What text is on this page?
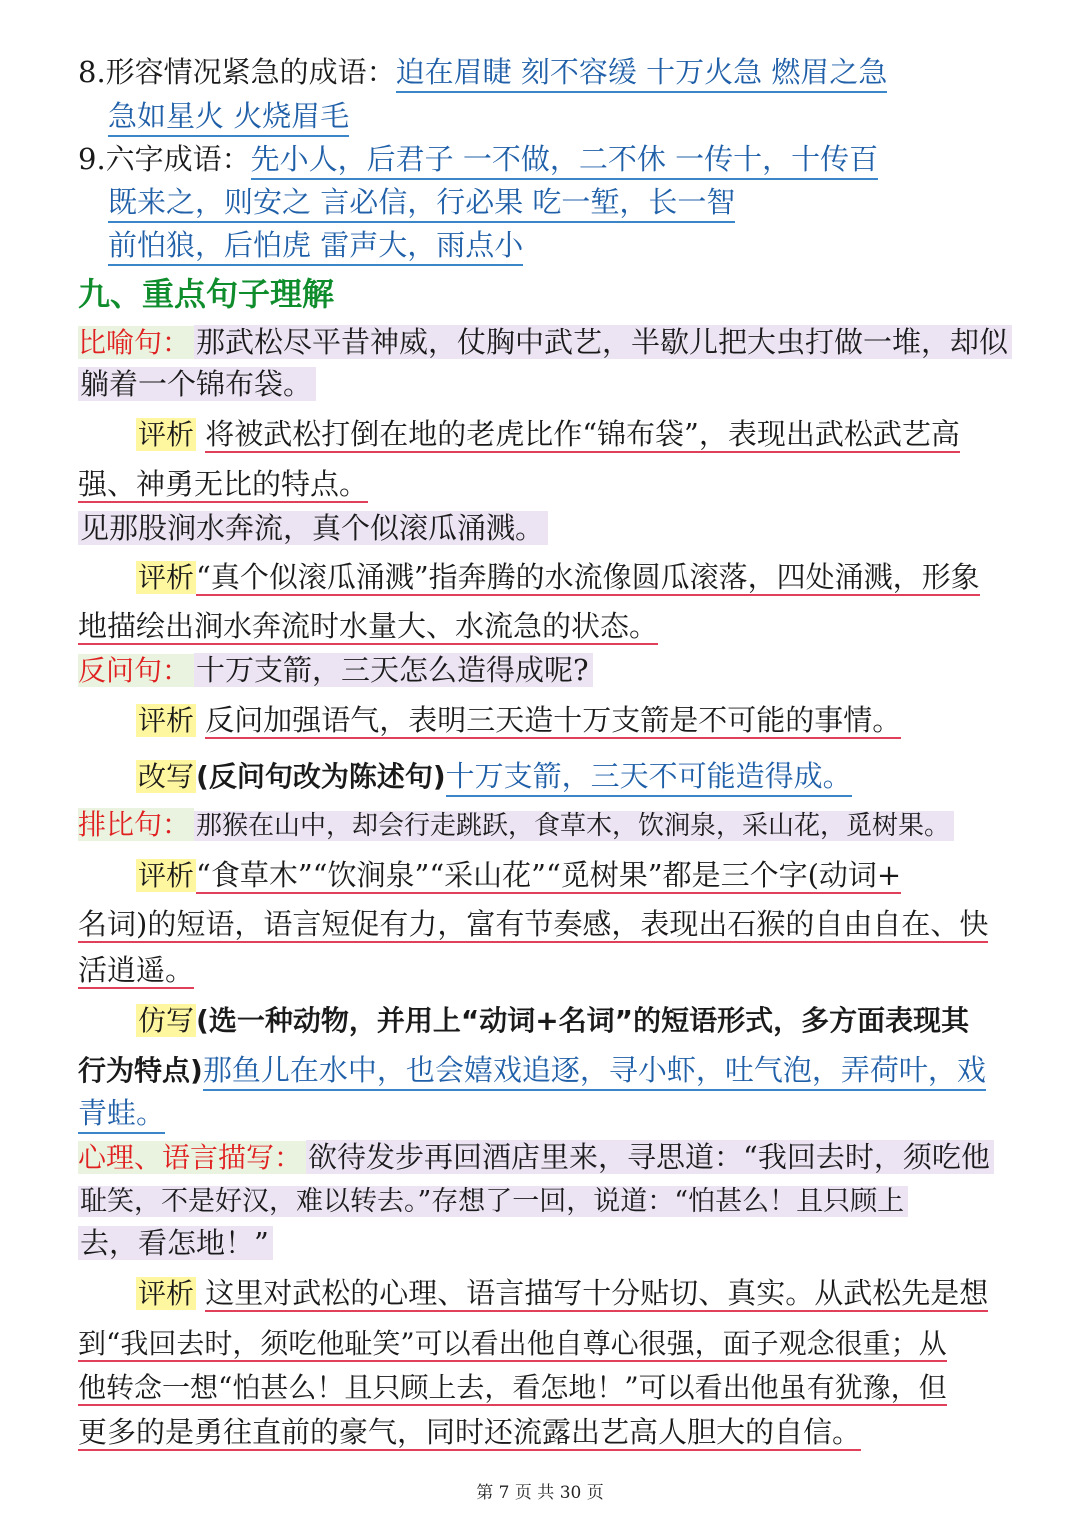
8.形容情况紧急的成语：迫在眉睫 刻不容缓 十万火急 燃眉之急
急如星火 火烧眉毛
9.六字成语：先小人，后君子 一不做，二不休 一传十，十传百
既来之，则安之 言必信，行必果 吃一堑，长一智
前怕狼，后怕虎 雷声大，雨点小
九、重点句子理解
比喻句： 那武松尽平昔神威，仗胸中武艺，半歇儿把大虫打做一堆，却似
躺着一个锦布袋。
评析 将被武松打倒在地的老虎比作“锦布袋”，表现出武松武艺高
强、神勇无比的特点。
见那股涧水奔流，真个似滚瓜涌溅。
评析“真个似滚瓜涌溅”指奔腾的水流像圆瓜滚落，四处涌溅，形象
地描绘出涧水奔流时水量大、水流急的状态。
反问句： 十万支箭，三天怎么造得成呢?
评析 反问加强语气，表明三天造十万支箭是不可能的事情。
改写(反问句改为陈述句)十万支箭，三天不可能造得成。
排比句： 那猴在山中，却会行走跳跃，食草木，饮涧泉，采山花，觅树果。
评析“食草木”“饮涧泉”“采山花”“觅树果”都是三个字(动词+
名词)的短语，语言短促有力，富有节奏感，表现出石猴的自由自在、快
活逍遥。
仿写(选一种动物，并用上“动词+名词”的短语形式，多方面表现其
行为特点)那鱼儿在水中，也会嬉戏追逐，寻小虾，吐气泡，弄荷叶，戏
青蛙。
心理、语言描写： 欲待发步再回酒店里来，寻思道：“我回去时，须吃他
耻笑，不是好汉，难以转去。”存想了一回，说道：“怕甚么！且只顾上
去，看怎地！”
评析 这里对武松的心理、语言描写十分贴切、真实。从武松先是想
到“我回去时，须吃他耻笑”可以看出他自尊心很强，面子观念很重；从
他转念一想“怕甚么！且只顾上去，看怎地！”可以看出他虽有犹豫，但
更多的是勇往直前的豪气，同时还流露出艺高人胆大的自信。
第 7 页 共 30 页
